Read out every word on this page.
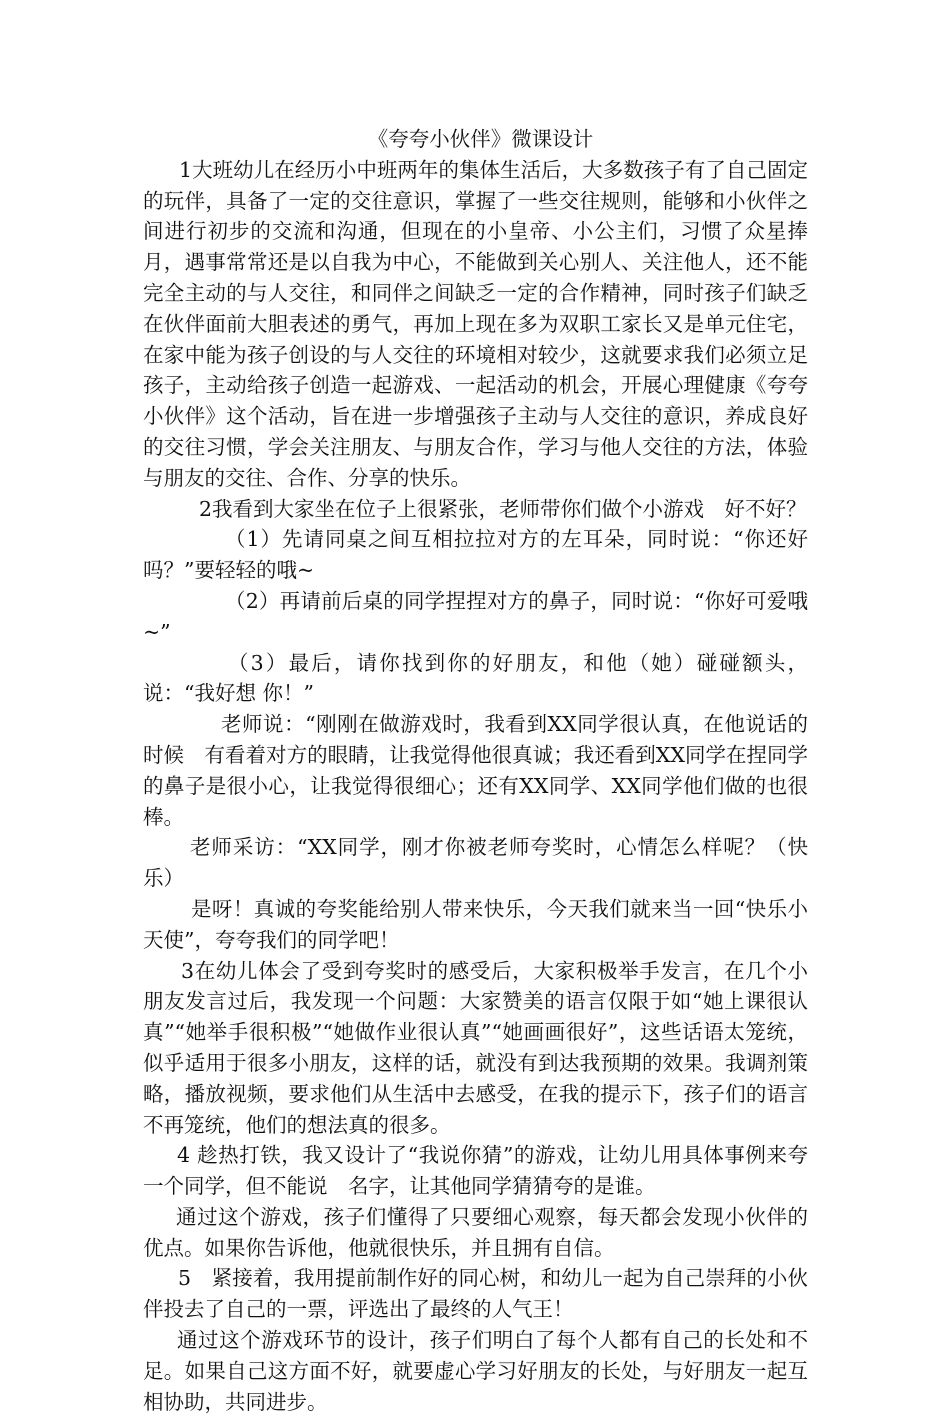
《夸夸小伙伴》微课设计

1大班幼儿在经历小中班两年的集体生活后，大多数孩子有了自己固定的玩伴，具备了一定的交往意识，掌握了一些交往规则，能够和小伙伴之间进行初步的交流和沟通，但现在的小皇帝、小公主们，习惯了众星捧月，遇事常常还是以自我为中心，不能做到关心别人、关注他人，还不能完全主动的与人交往，和同伴之间缺乏一定的合作精神，同时孩子们缺乏在伙伴面前大胆表述的勇气，再加上现在多为双职工家长又是单元住宅，在家中能为孩子创设的与人交往的环境相对较少，这就要求我们必须立足孩子，主动给孩子创造一起游戏、一起活动的机会，开展心理健康《夸夸小伙伴》这个活动，旨在进一步增强孩子主动与人交往的意识，养成良好的交往习惯，学会关注朋友、与朋友合作，学习与他人交往的方法，体验与朋友的交往、合作、分享的快乐。

2我看到大家坐在位子上很紧张，老师带你们做个小游戏　好不好？

（1）先请同桌之间互相拉拉对方的左耳朵，同时说：“你还好吗？”要轻轻的哦~

（2）再请前后桌的同学捏捏对方的鼻子，同时说：“你好可爱哦~”

（3）最后，请你找到你的好朋友，和他（她）碰碰额头，说：“我好想 你！”

老师说：“刚刚在做游戏时，我看到XX同学很认真，在他说话的时候　有看着对方的眼睛，让我觉得他很真诚；我还看到XX同学在捏同学的鼻子是很小心，让我觉得很细心；还有XX同学、XX同学他们做的也很棒。

老师采访：“XX同学，刚才你被老师夸奖时，心情怎么样呢？（快乐）

是呀！真诚的夸奖能给别人带来快乐，今天我们就来当一回“快乐小天使”，夸夸我们的同学吧！

3在幼儿体会了受到夸奖时的感受后，大家积极举手发言，在几个小朋友发言过后，我发现一个问题：大家赞美的语言仅限于如“她上课很认真”“她举手很积极”“她做作业很认真”“她画画很好”，这些话语太笼统，似乎适用于很多小朋友，这样的话，就没有到达我预期的效果。我调剂策略，播放视频，要求他们从生活中去感受，在我的提示下，孩子们的语言不再笼统，他们的想法真的很多。

4 趁热打铁，我又设计了“我说你猜”的游戏，让幼儿用具体事例来夸一个同学，但不能说　名字，让其他同学猜猜夸的是谁。

通过这个游戏，孩子们懂得了只要细心观察，每天都会发现小伙伴的优点。如果你告诉他，他就很快乐，并且拥有自信。

5　紧接着，我用提前制作好的同心树，和幼儿一起为自己崇拜的小伙伴投去了自己的一票，评选出了最终的人气王！

通过这个游戏环节的设计，孩子们明白了每个人都有自己的长处和不足。如果自己这方面不好，就要虚心学习好朋友的长处，与好朋友一起互相协助，共同进步。
